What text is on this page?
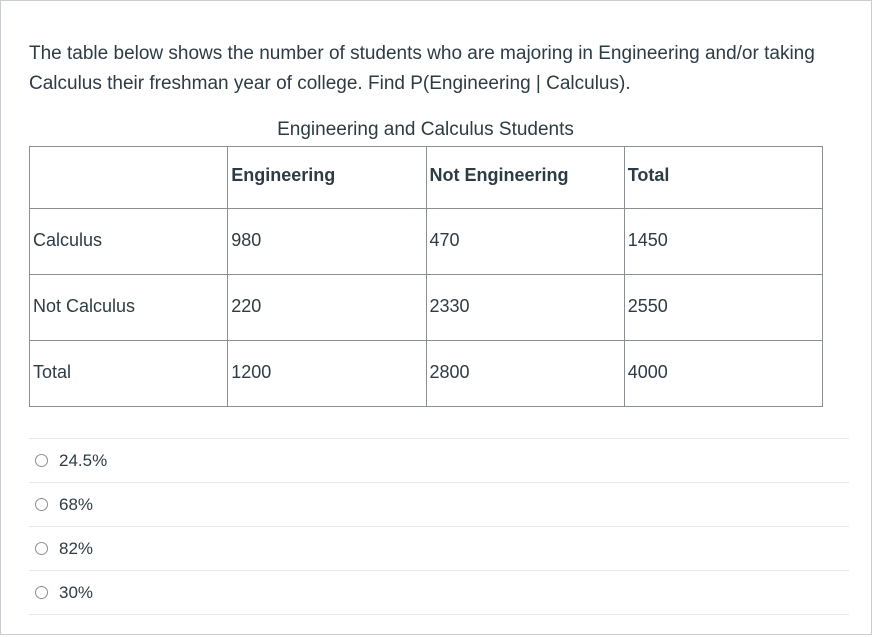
The table below shows the number of students who are majoring in Engineering and/or taking Calculus their freshman year of college. Find P(Engineering | Calculus).
Engineering and Calculus Students
	Engineering	Not Engineering	Total
Calculus	980	470	1450
Not Calculus	220	2330	2550
Total	1200	2800	4000
24.5%
68%
82%
30%
